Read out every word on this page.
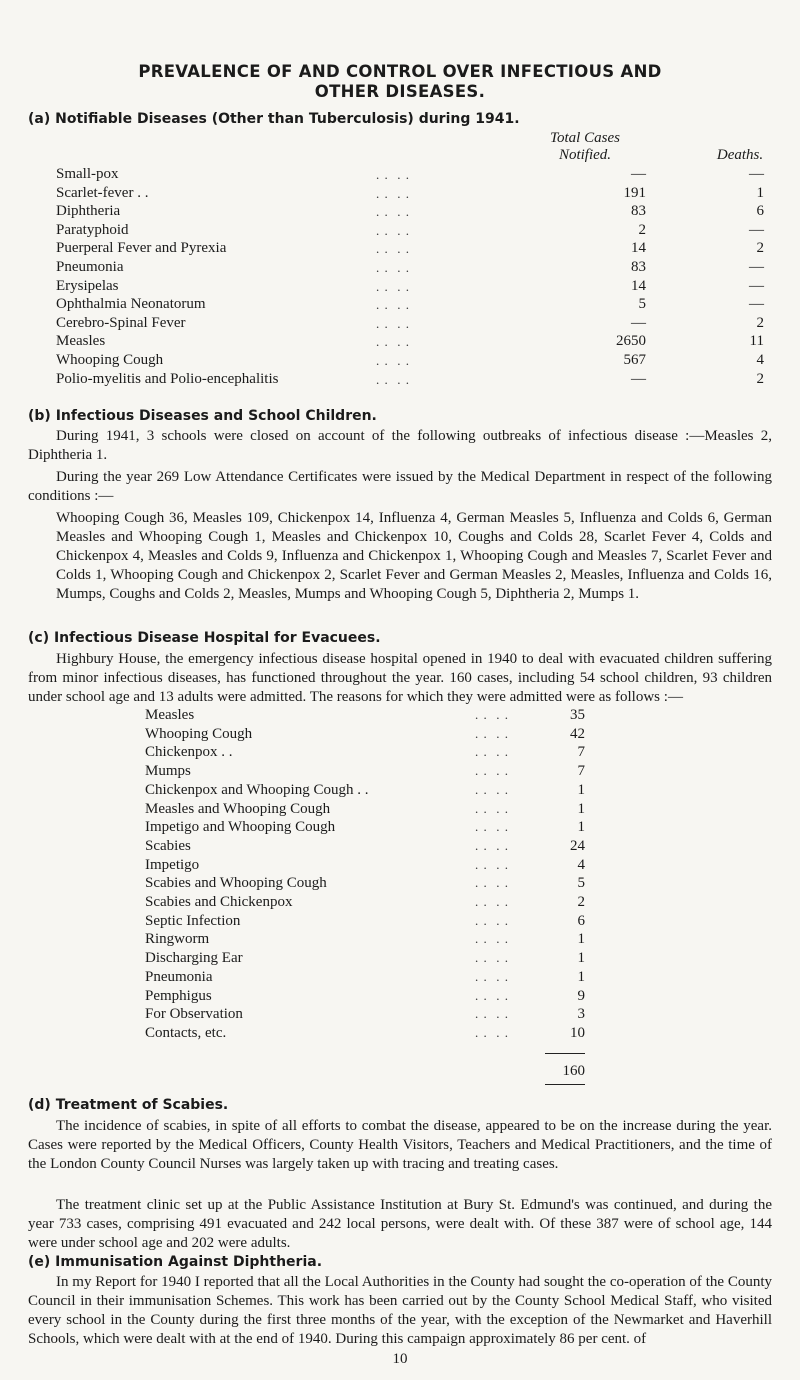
PREVALENCE OF AND CONTROL OVER INFECTIOUS AND
OTHER DISEASES.
(a) Notifiable Diseases (Other than Tuberculosis) during 1941.
Total Cases
Notified.	Deaths.
Small-pox	. .  . .	—	—
Scarlet-fever . .	. .  . .	191	1
Diphtheria	. .  . .	83	6
Paratyphoid	. .  . .	2	—
Puerperal Fever and Pyrexia	. .  . .	14	2
Pneumonia	. .  . .	83	—
Erysipelas	. .  . .	14	—
Ophthalmia Neonatorum	. .  . .	5	—
Cerebro-Spinal Fever	. .  . .	—	2
Measles	. .  . .	2650	11
Whooping Cough	. .  . .	567	4
Polio-myelitis and Polio-encephalitis	. .  . .	—	2
(b) Infectious Diseases and School Children.
During 1941, 3 schools were closed on account of the following outbreaks of infectious disease :—Measles 2, Diphtheria 1.
During the year 269 Low Attendance Certificates were issued by the Medical Department in respect of the following conditions :—
Whooping Cough 36, Measles 109, Chickenpox 14, Influenza 4, German Measles 5, Influenza and Colds 6, German Measles and Whooping Cough 1, Measles and Chickenpox 10, Coughs and Colds 28, Scarlet Fever 4, Colds and Chickenpox 4, Measles and Colds 9, Influenza and Chickenpox 1, Whooping Cough and Measles 7, Scarlet Fever and Colds 1, Whooping Cough and Chickenpox 2, Scarlet Fever and German Measles 2, Measles, Influenza and Colds 16, Mumps, Coughs and Colds 2, Measles, Mumps and Whooping Cough 5, Diphtheria 2, Mumps 1.
(c) Infectious Disease Hospital for Evacuees.
Highbury House, the emergency infectious disease hospital opened in 1940 to deal with evacuated children suffering from minor infectious diseases, has functioned throughout the year. 160 cases, including 54 school children, 93 children under school age and 13 adults were admitted. The reasons for which they were admitted were as follows :—
Measles	. .  . .	35
Whooping Cough	. .  . .	42
Chickenpox . .	. .  . .	7
Mumps	. .  . .	7
Chickenpox and Whooping Cough . .	. .  . .	1
Measles and Whooping Cough	. .  . .	1
Impetigo and Whooping Cough	. .  . .	1
Scabies	. .  . .	24
Impetigo	. .  . .	4
Scabies and Whooping Cough	. .  . .	5
Scabies and Chickenpox	. .  . .	2
Septic Infection	. .  . .	6
Ringworm	. .  . .	1
Discharging Ear	. .  . .	1
Pneumonia	. .  . .	1
Pemphigus	. .  . .	9
For Observation	. .  . .	3
Contacts, etc.	. .  . .	10
160
(d) Treatment of Scabies.
The incidence of scabies, in spite of all efforts to combat the disease, appeared to be on the increase during the year. Cases were reported by the Medical Officers, County Health Visitors, Teachers and Medical Practitioners, and the time of the London County Council Nurses was largely taken up with tracing and treating cases.
The treatment clinic set up at the Public Assistance Institution at Bury St. Edmund's was continued, and during the year 733 cases, comprising 491 evacuated and 242 local persons, were dealt with. Of these 387 were of school age, 144 were under school age and 202 were adults.
(e) Immunisation Against Diphtheria.
In my Report for 1940 I reported that all the Local Authorities in the County had sought the co-operation of the County Council in their immunisation Schemes. This work has been carried out by the County School Medical Staff, who visited every school in the County during the first three months of the year, with the exception of the Newmarket and Haverhill Schools, which were dealt with at the end of 1940. During this campaign approximately 86 per cent. of
10
